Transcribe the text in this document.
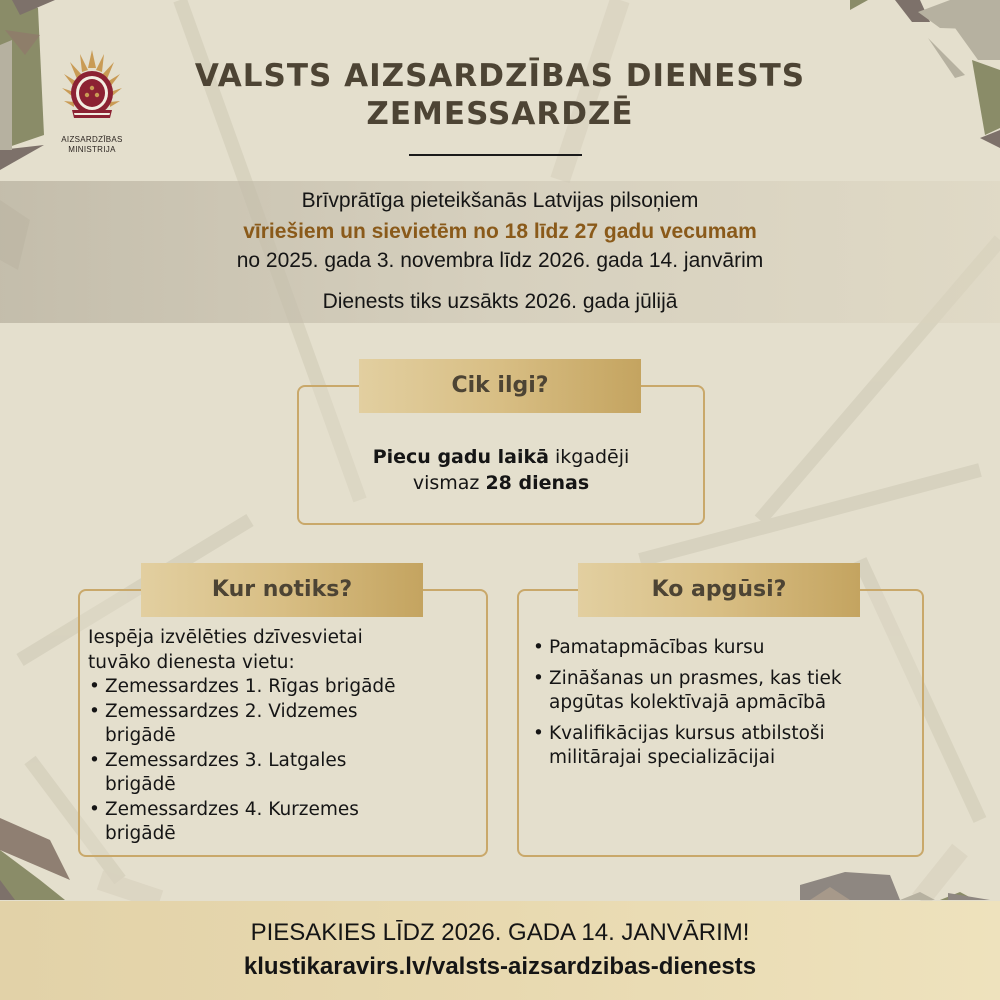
AIZSARDZĪBAS
MINISTRIJA
VALSTS AIZSARDZĪBAS DIENESTS
ZEMESSARDZĒ
Brīvprātīga pieteikšanās Latvijas pilsoņiem
vīriešiem un sievietēm no 18 līdz 27 gadu vecumam
no 2025. gada 3. novembra līdz 2026. gada 14. janvārim
Dienests tiks uzsākts 2026. gada jūlijā
Cik ilgi?
Piecu gadu laikā ikgadēji
vismaz 28 dienas
Kur notiks?
Iespēja izvēlēties dzīvesvietai
tuvāko dienesta vietu:
• Zemessardzes 1. Rīgas brigādē
• Zemessardzes 2. Vidzemes brigādē
• Zemessardzes 3. Latgales brigādē
• Zemessardzes 4. Kurzemes brigādē
Ko apgūsi?
• Pamatapmācības kursu
• Zināšanas un prasmes, kas tiek apgūtas kolektīvajā apmācībā
• Kvalifikācijas kursus atbilstoši militārajai specializācijai
PIESAKIES LĪDZ 2026. GADA 14. JANVĀRIM!
klustikaravirs.lv/valsts-aizsardzibas-dienests
